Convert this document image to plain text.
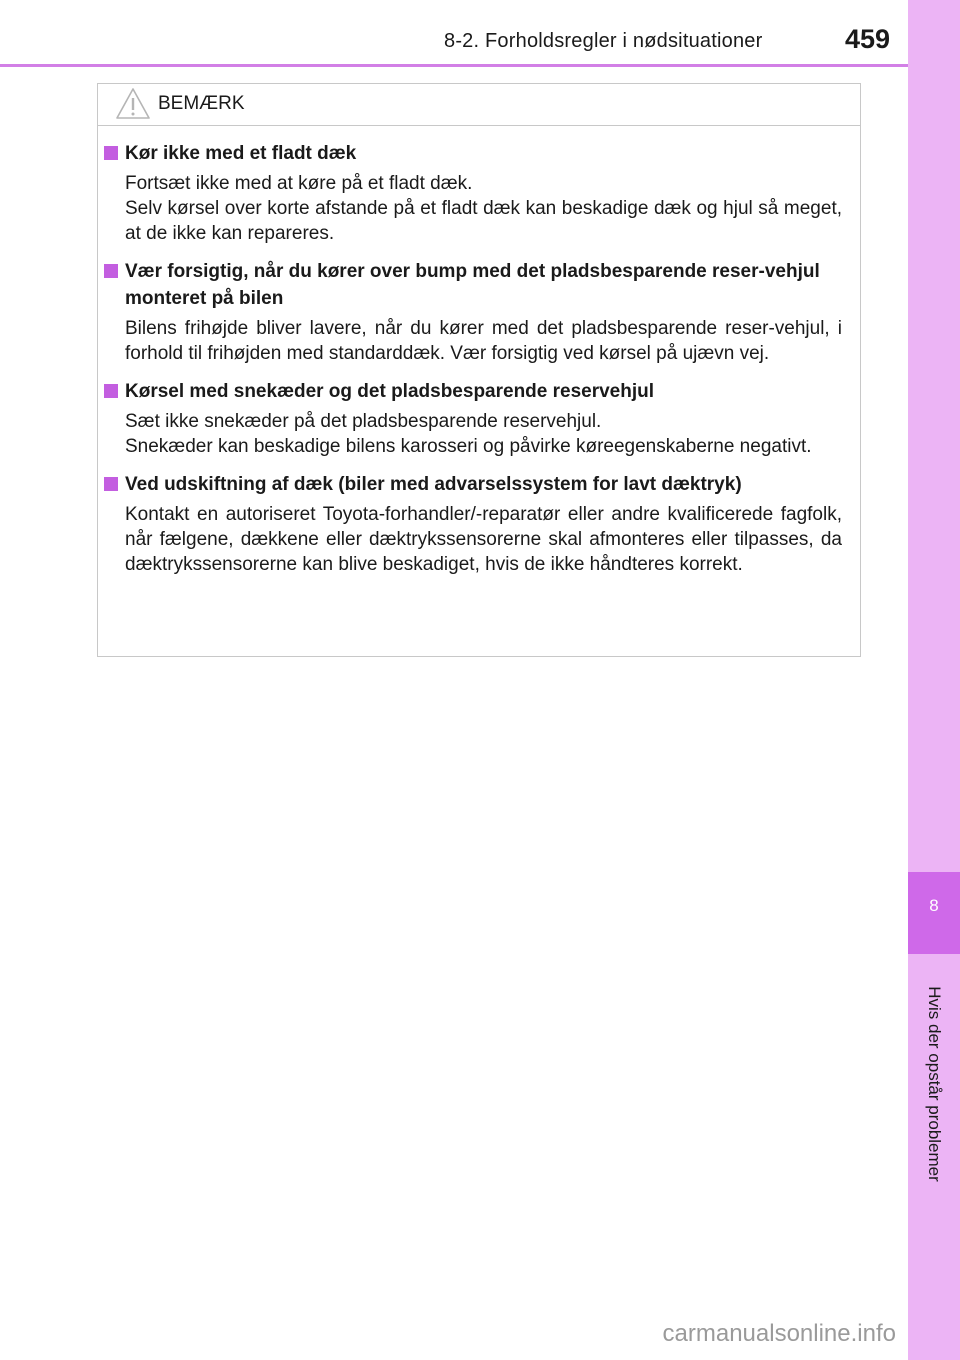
8
Hvis der opstår problemer
8-2. Forholdsregler i nødsituationer	459
BEMÆRK
Kør ikke med et fladt dæk
Fortsæt ikke med at køre på et fladt dæk.
Selv kørsel over korte afstande på et fladt dæk kan beskadige dæk og hjul så meget, at de ikke kan repareres.
Vær forsigtig, når du kører over bump med det pladsbesparende reser-vehjul monteret på bilen
Bilens frihøjde bliver lavere, når du kører med det pladsbesparende reser-vehjul, i forhold til frihøjden med standarddæk. Vær forsigtig ved kørsel på ujævn vej.
Kørsel med snekæder og det pladsbesparende reservehjul
Sæt ikke snekæder på det pladsbesparende reservehjul.
Snekæder kan beskadige bilens karosseri og påvirke køreegenskaberne negativt.
Ved udskiftning af dæk (biler med advarselssystem for lavt dæktryk)
Kontakt en autoriseret Toyota-forhandler/-reparatør eller andre kvalificerede fagfolk, når fælgene, dækkene eller dæktrykssensorerne skal afmonteres eller tilpasses, da dæktrykssensorerne kan blive beskadiget, hvis de ikke håndteres korrekt.
carmanualsonline.info
